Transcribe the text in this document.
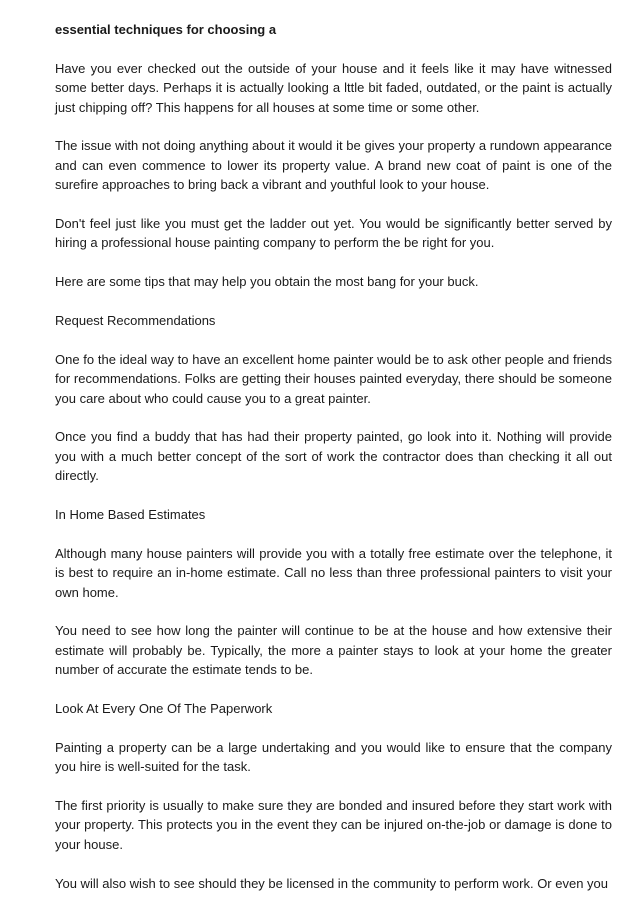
essential techniques for choosing a
Have you ever checked out the outside of your house and it feels like it may have witnessed some better days. Perhaps it is actually looking a lttle bit faded, outdated, or the paint is actually just chipping off? This happens for all houses at some time or some other.
The issue with not doing anything about it would it be gives your property a rundown appearance and can even commence to lower its property value. A brand new coat of paint is one of the surefire approaches to bring back a vibrant and youthful look to your house.
Don't feel just like you must get the ladder out yet. You would be significantly better served by hiring a professional house painting company to perform the be right for you.
Here are some tips that may help you obtain the most bang for your buck.
Request Recommendations
One fo the ideal way to have an excellent home painter would be to ask other people and friends for recommendations. Folks are getting their houses painted everyday, there should be someone you care about who could cause you to a great painter.
Once you find a buddy that has had their property painted, go look into it. Nothing will provide you with a much better concept of the sort of work the contractor does than checking it all out directly.
In Home Based Estimates
Although many house painters will provide you with a totally free estimate over the telephone, it is best to require an in-home estimate. Call no less than three professional painters to visit your own home.
You need to see how long the painter will continue to be at the house and how extensive their estimate will probably be. Typically, the more a painter stays to look at your home the greater number of accurate the estimate tends to be.
Look At Every One Of The Paperwork
Painting a property can be a large undertaking and you would like to ensure that the company you hire is well-suited for the task.
The first priority is usually to make sure they are bonded and insured before they start work with your property. This protects you in the event they can be injured on-the-job or damage is done to your house.
You will also wish to see should they be licensed in the community to perform work. Or even you
